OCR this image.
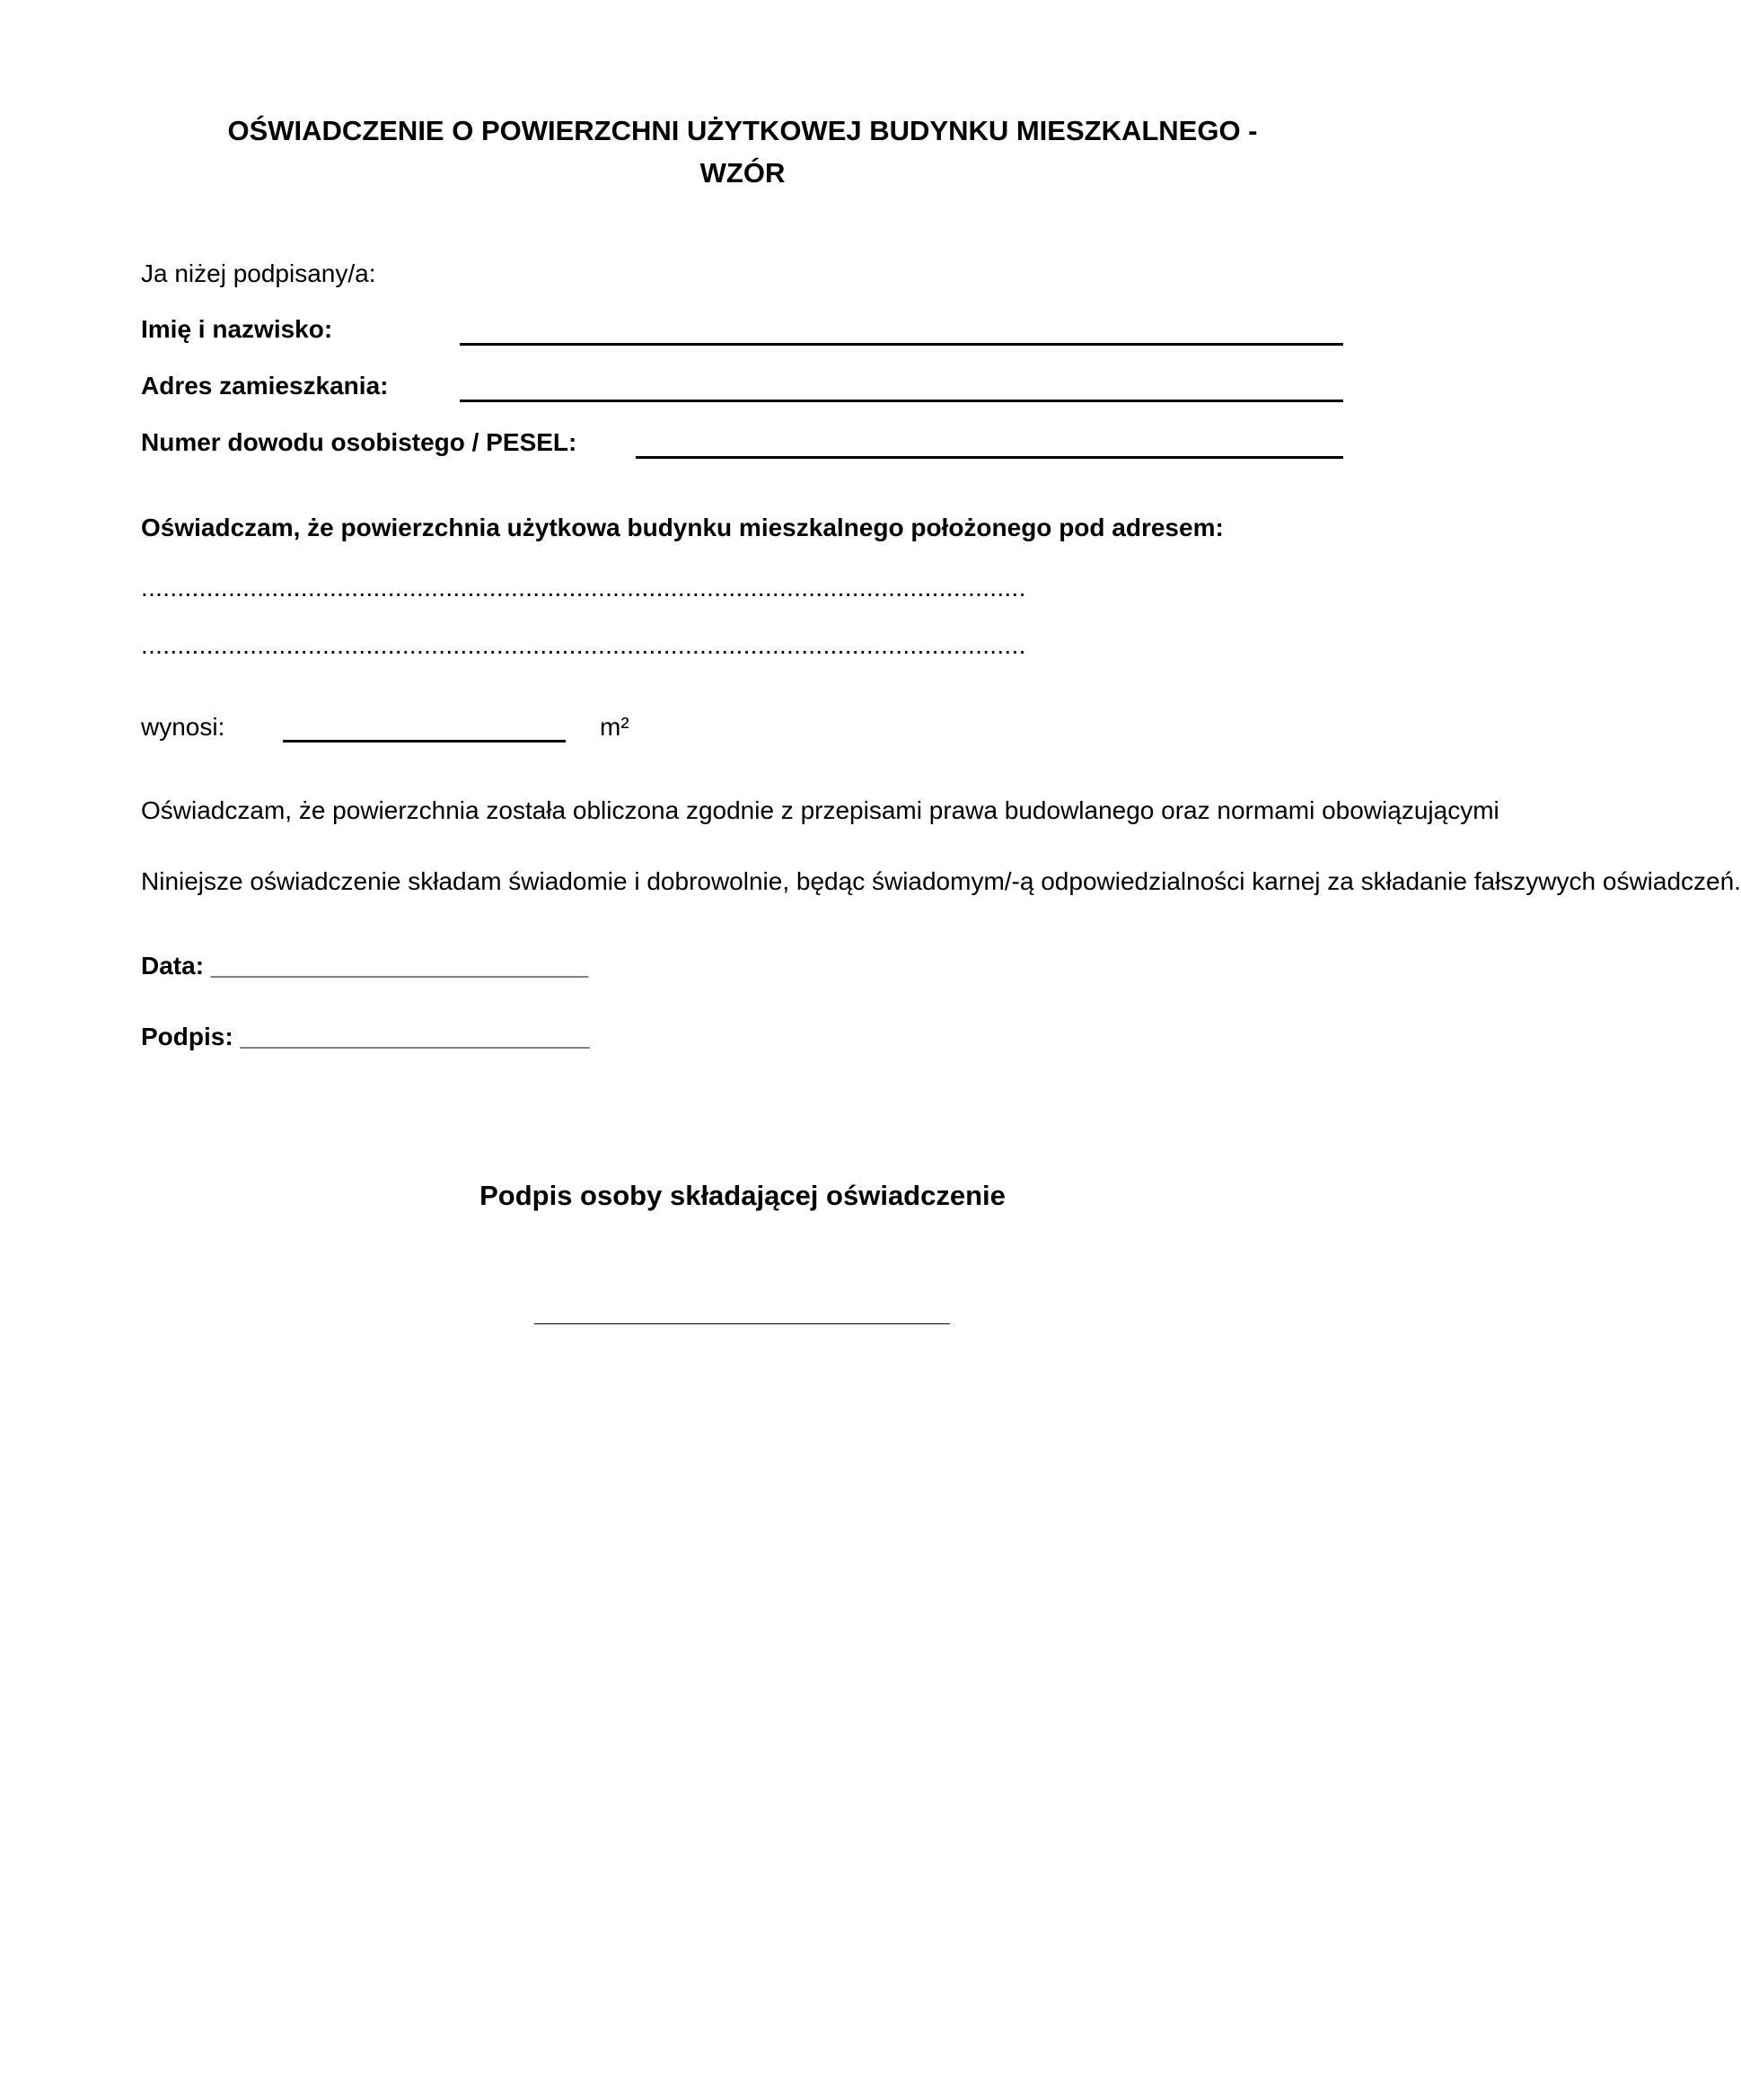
OŚWIADCZENIE O POWIERZCHNI UŻYTKOWEJ BUDYNKU MIESZKALNEGO -
WZÓR
Ja niżej podpisany/a:
Imię i nazwisko:
Adres zamieszkania:
Numer dowodu osobistego / PESEL:
Oświadczam, że powierzchnia użytkowa budynku mieszkalnego położonego pod adresem:
..........................................................................................................................
..........................................................................................................................
wynosi:	m²
Oświadczam, że powierzchnia została obliczona zgodnie z przepisami prawa budowlanego oraz normami obowiązującymi
Niniejsze oświadczenie składam świadomie i dobrowolnie, będąc świadomym/-ą odpowiedzialności karnej za składanie fałszywych oświadczeń.
Data: ___________________________
Podpis: _________________________
Podpis osoby składającej oświadczenie
